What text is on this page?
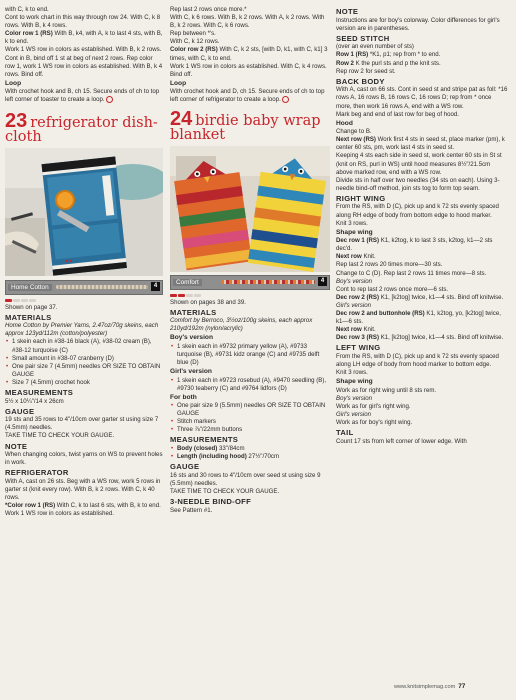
with C, k to end.

Cont to work chart in this way through row 24. With C, k 8 rows. With B, k 4 rows.

Color row 1 (RS) With B, k4, with A, k to last 4 sts, with B, k to end.

Work 1 WS row in colors as established. With B, k 2 rows. Cont in B, bind off 1 st at beg of next 2 rows. Rep color row 1, work 1 WS row in colors as established. With B, k 4 rows. Bind off.

Loop

With crochet hook and B, ch 15. Secure ends of ch to top left corner of toaster to create a loop.

23 refrigerator dish-cloth
Home Cotton	4

Shown on page 37.

MATERIALS

Home Cotton by Premier Yarns, 2.47oz/70g skeins, each approx 123yd/112m (cotton/polyester)

• 1 skein each in #38-16 black (A), #38-02 cream (B), #38-12 turquoise (C)

• Small amount in #38-07 cranberry (D)

• One pair size 7 (4.5mm) needles OR SIZE TO OBTAIN GAUGE

• Size 7 (4.5mm) crochet hook

MEASUREMENTS

5½ x 10¼"/14 x 26cm

GAUGE

19 sts and 35 rows to 4"/10cm over garter st using size 7 (4.5mm) needles.

TAKE TIME TO CHECK YOUR GAUGE.

NOTE

When changing colors, twist yarns on WS to prevent holes in work.

REFRIGERATOR

With A, cast on 26 sts. Beg with a WS row, work 5 rows in garter st (knit every row). With B, k 2 rows. With C, k 40 rows.

*Color row 1 (RS) With C, k to last 6 sts, with B, k to end.

Work 1 WS row in colors as established.

Rep last 2 rows once more.*

With C, k 6 rows. With B, k 2 rows. With A, k 2 rows. With B, k 2 rows. With C, k 6 rows.

Rep between *'s.

With C, k 12 rows.

Color row 2 (RS) With C, k 2 sts, [with D, k1, with C, k1] 3 times, with C, k to end.

Work 1 WS row in colors as established. With C, k 4 rows. Bind off.

Loop

With crochet hook and D, ch 15. Secure ends of ch to top left corner of refrigerator to create a loop.

24 birdie baby wrap blanket
Comfort	4

Shown on pages 38 and 39.

MATERIALS

Comfort by Berroco, 3½oz/100g skeins, each approx 210yd/192m (nylon/acrylic)

Boy's version

• 1 skein each in #9732 primary yellow (A), #9733 turquoise (B), #9731 kidz orange (C) and #9735 delft blue (D)

Girl's version

• 1 skein each in #9723 rosebud (A), #9470 seedling (B), #9730 teaberry (C) and #9764 lidfors (D)

For both

• One pair size 9 (5.5mm) needles OR SIZE TO OBTAIN GAUGE

• Stitch markers

• Three ⅞"/22mm buttons

MEASUREMENTS

• Body (closed) 33"/84cm

• Length (including hood) 27½"/70cm

GAUGE

16 sts and 30 rows to 4"/10cm over seed st using size 9 (5.5mm) needles.

TAKE TIME TO CHECK YOUR GAUGE.

3-NEEDLE BIND-OFF

See Pattern #1.

NOTE

Instructions are for boy's colorway. Color differences for girl's version are in parentheses.

SEED STITCH

(over an even number of sts)

Row 1 (RS) *K1, p1; rep from * to end.

Row 2 K the purl sts and p the knit sts.

Rep row 2 for seed st.

BACK BODY

With A, cast on 66 sts. Cont in seed st and stripe pat as foll: *16 rows A, 16 rows B, 16 rows C, 16 rows D; rep from * once more, then work 16 rows A, end with a WS row.

Mark beg and end of last row for beg of hood.

Hood

Change to B.

Next row (RS) Work first 4 sts in seed st, place marker (pm), k center 60 sts, pm, work last 4 sts in seed st.

Keeping 4 sts each side in seed st, work center 60 sts in St st (knit on RS, purl in WS) until hood measures 8½"/21.5cm above marked row, end with a WS row.

Divide sts in half over two needles (34 sts on each). Using 3-needle bind-off method, join sts tog to form top seam.

RIGHT WING

From the RS, with D (C), pick up and k 72 sts evenly spaced along RH edge of body from bottom edge to hood marker.

Knit 3 rows.

Shape wing

Dec row 1 (RS) K1, k2tog, k to last 3 sts, k2tog, k1—2 sts dec'd.

Next row Knit.

Rep last 2 rows 20 times more—30 sts.

Change to C (D). Rep last 2 rows 11 times more—8 sts.

Boy's version

Cont to rep last 2 rows once more—6 sts.

Dec row 2 (RS) K1, [k2tog] twice, k1—4 sts. Bind off knitwise.

Girl's version

Dec row 2 and buttonhole (RS) K1, k2tog, yo, [k2tog] twice, k1—6 sts.

Next row Knit.

Dec row 3 (RS) K1, [k2tog] twice, k1—4 sts. Bind off knitwise.

LEFT WING

From the RS, with D (C), pick up and k 72 sts evenly spaced along LH edge of body from hood marker to bottom edge.

Knit 3 rows.

Shape wing

Work as for right wing until 8 sts rem.

Boy's version

Work as for girl's right wing.

Girl's version

Work as for boy's right wing.

TAIL

Count 17 sts from left corner of lower edge. With

www.knitsimplemag.com 77
